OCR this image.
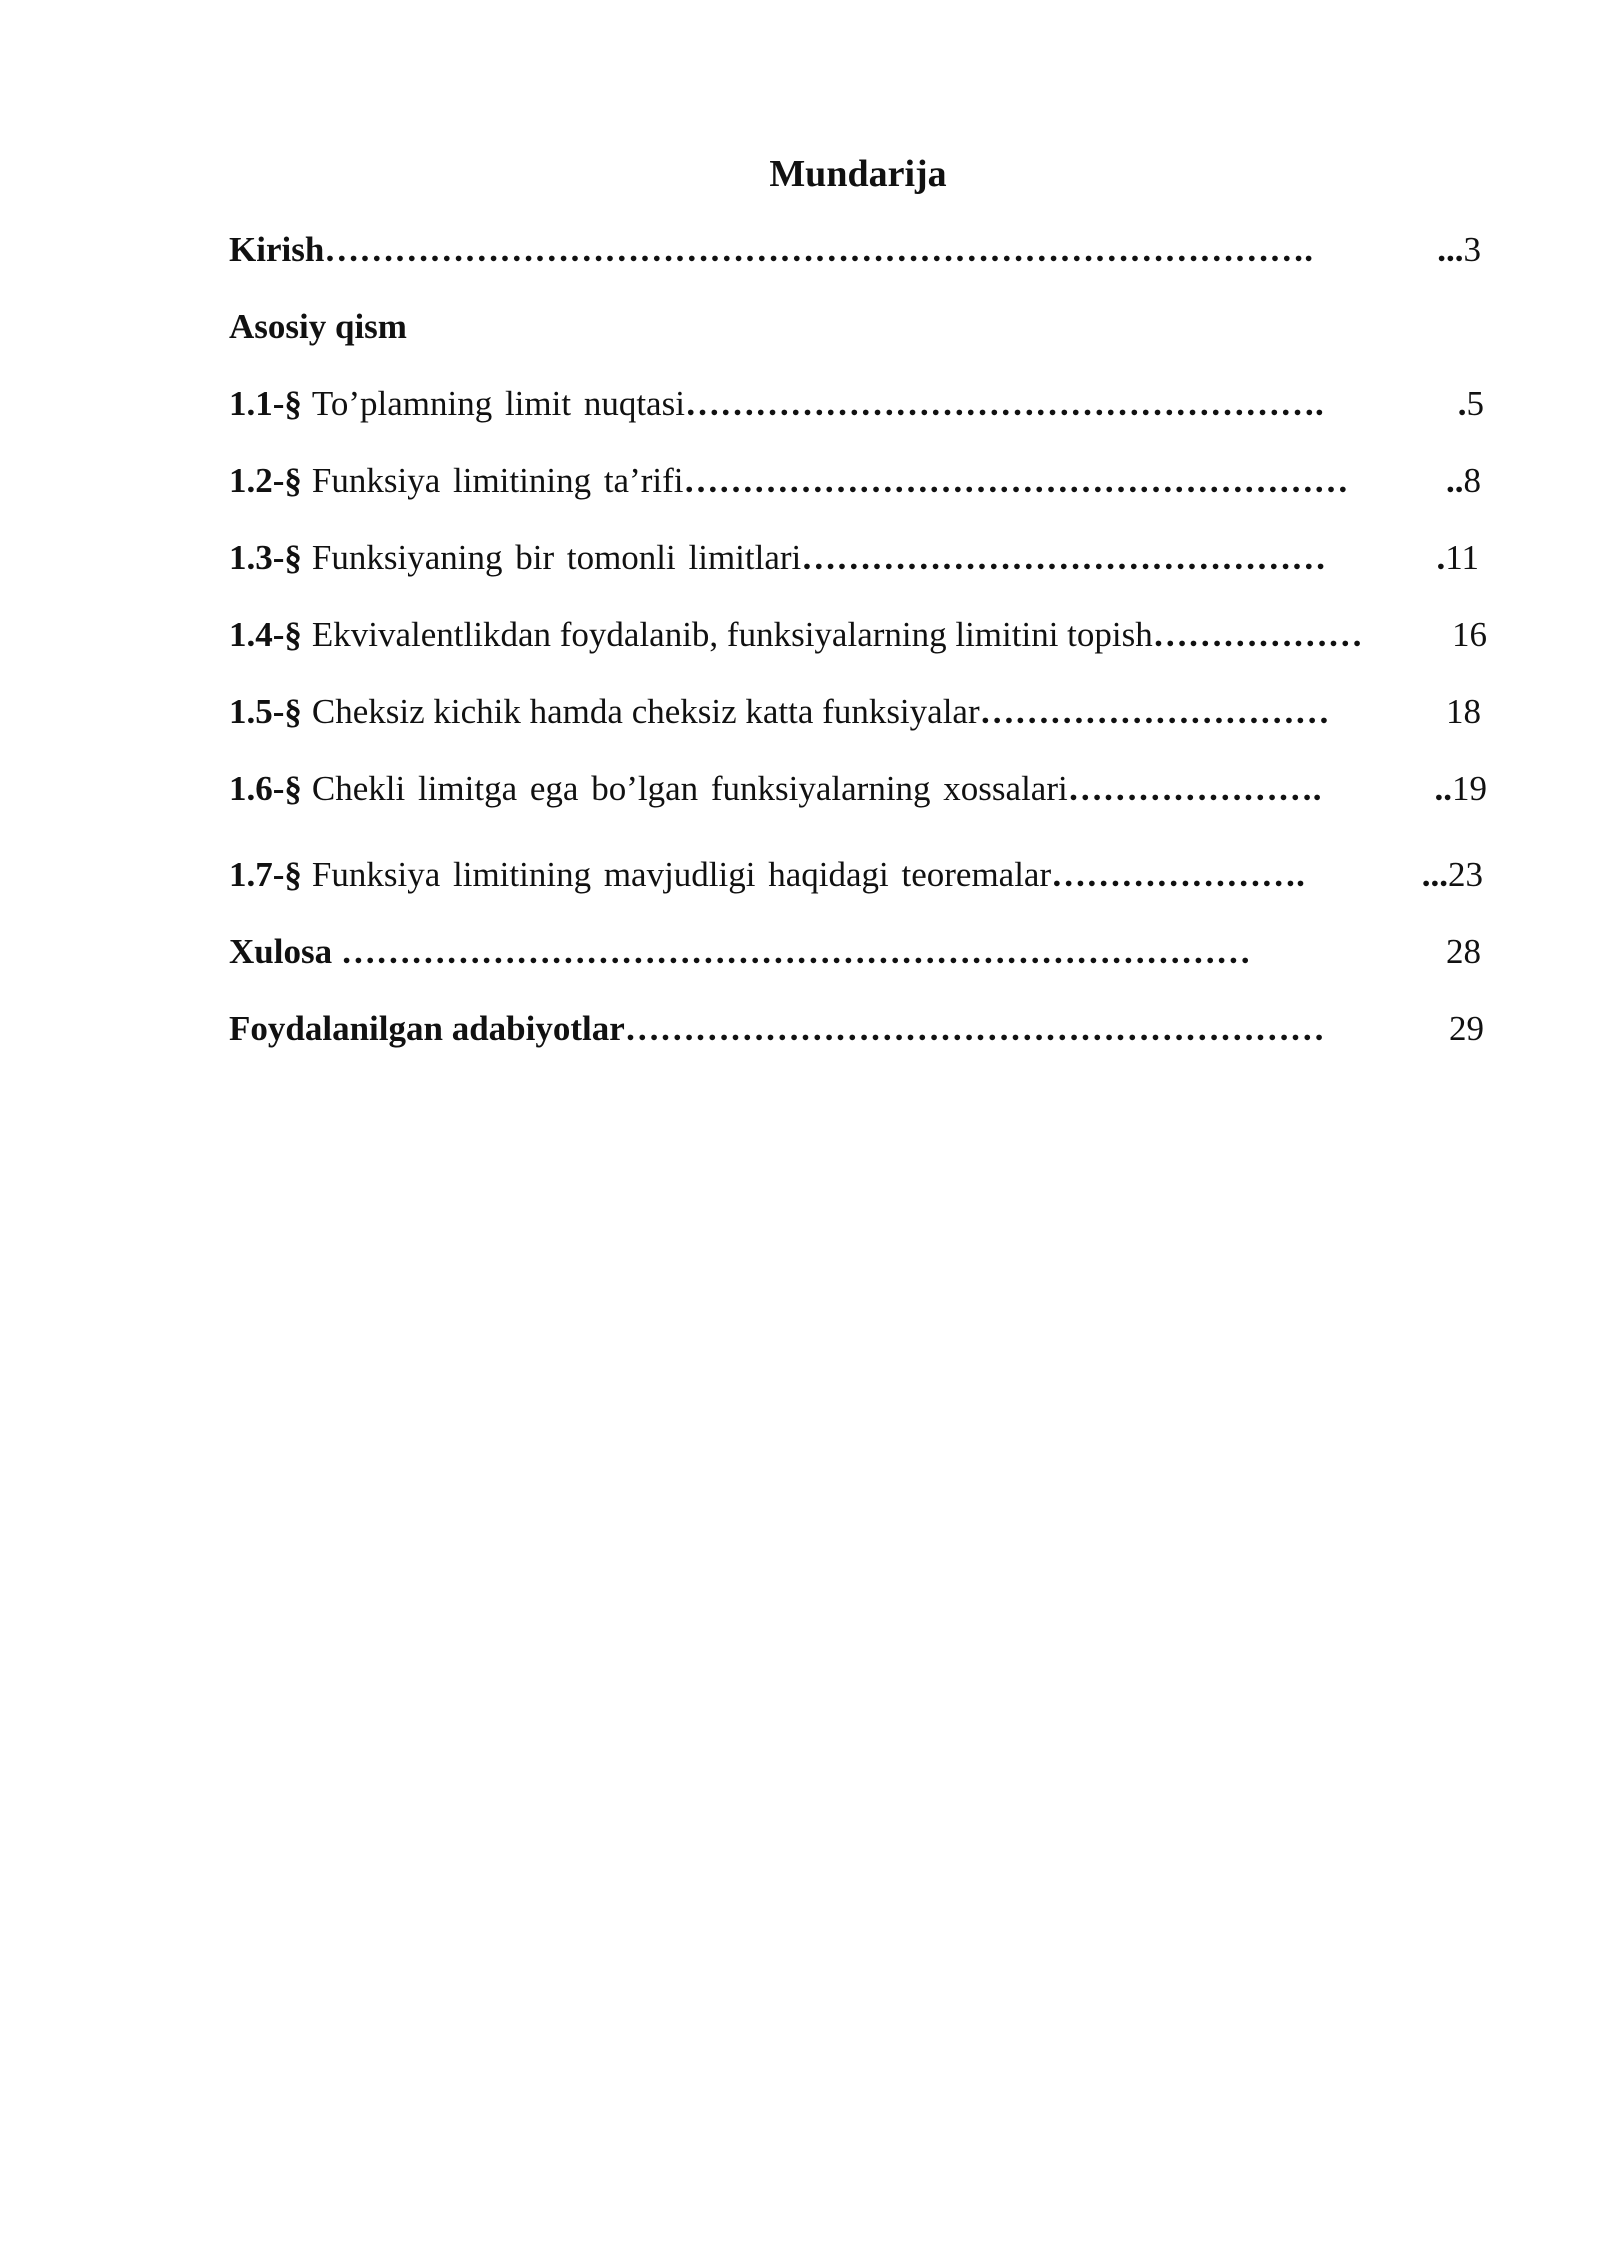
Mundarija
Kirish ………………………………………………………………………….	...3
Asosiy qism
1.1- § To’plamning limit nuqtasi ……………………………………………….	.5
1.2- § Funksiya limitining ta’rifi …………………………………………………	..8
1.3- § Funksiyaning bir tomonli limitlari ………………………………………	.11
1.4- § Ekvivalentlikdan foydalanib, funksiyalarning limitini topish ………………	16
1.5- § Cheksiz kichik hamda cheksiz katta funksiyalar …………………………	18
1.6- § Chekli limitga ega bo’lgan funksiyalarning xossalari ………………….	..19
1.7- § Funksiya limitining mavjudligi haqidagi teoremalar ………………….	...23
Xulosa ……………………………………………………………………	28
Foydalanilgan adabiyotlar ……………………………………………………	29
